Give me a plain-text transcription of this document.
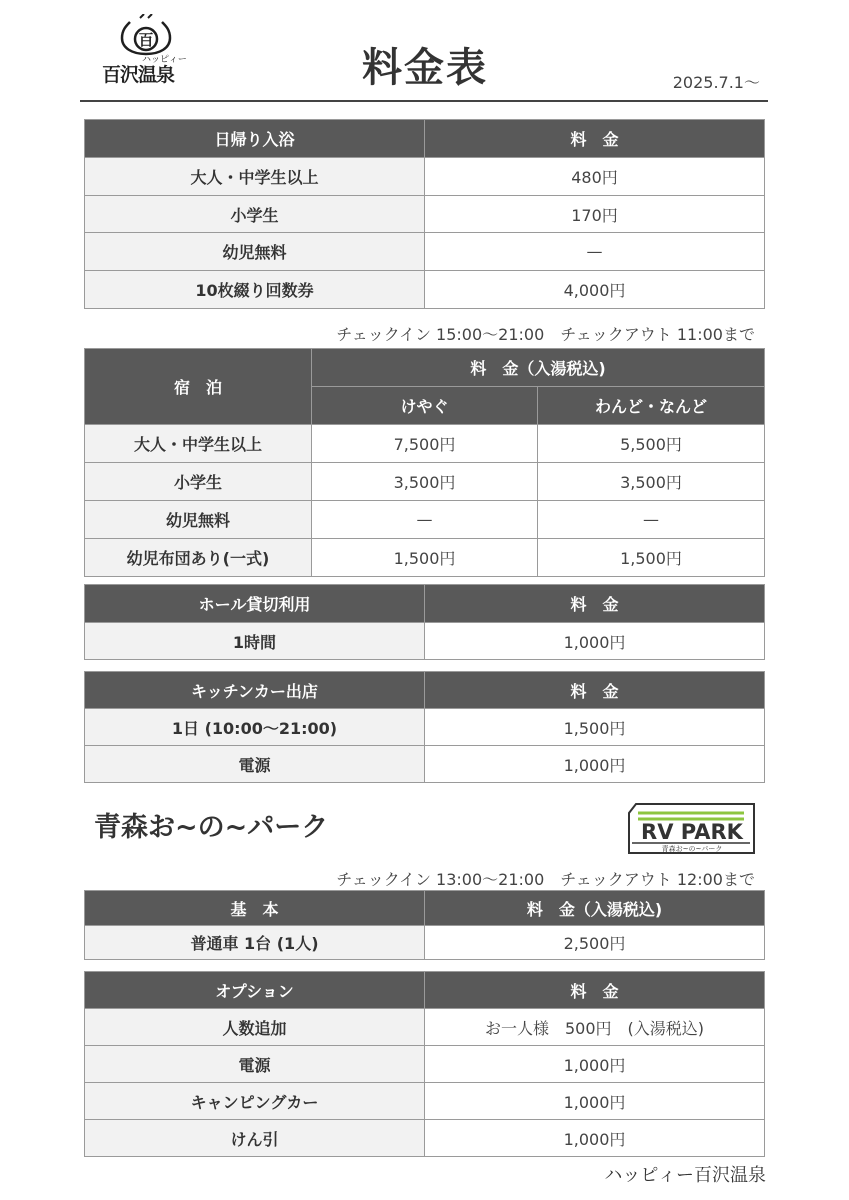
百
ハッピィー
百沢温泉	料金表	2025.7.1〜
日帰り入浴	料　金
大人・中学生以上	480円
小学生	170円
幼児無料	—
10枚綴り回数券	4,000円
チェックイン 15:00〜21:00　チェックアウト 11:00まで
宿　泊	料　金（入湯税込)	
	けやぐ	わんど・なんど
大人・中学生以上	7,500円	5,500円
小学生	3,500円	3,500円
幼児無料	—	—
幼児布団あり(一式)	1,500円	1,500円
ホール貸切利用	料　金
1時間	1,000円
キッチンカー出店	料　金
1日 (10:00〜21:00)	1,500円
電源	1,000円
青森お~の~パーク	RV PARK
青森お~の~パーク
チェックイン 13:00〜21:00　チェックアウト 12:00まで
基　本	料　金（入湯税込)
普通車 1台 (1人)	2,500円
オプション	料　金
人数追加	お一人様　500円　(入湯税込)
電源	1,000円
キャンピングカー	1,000円
けん引	1,000円
ハッピィー百沢温泉
